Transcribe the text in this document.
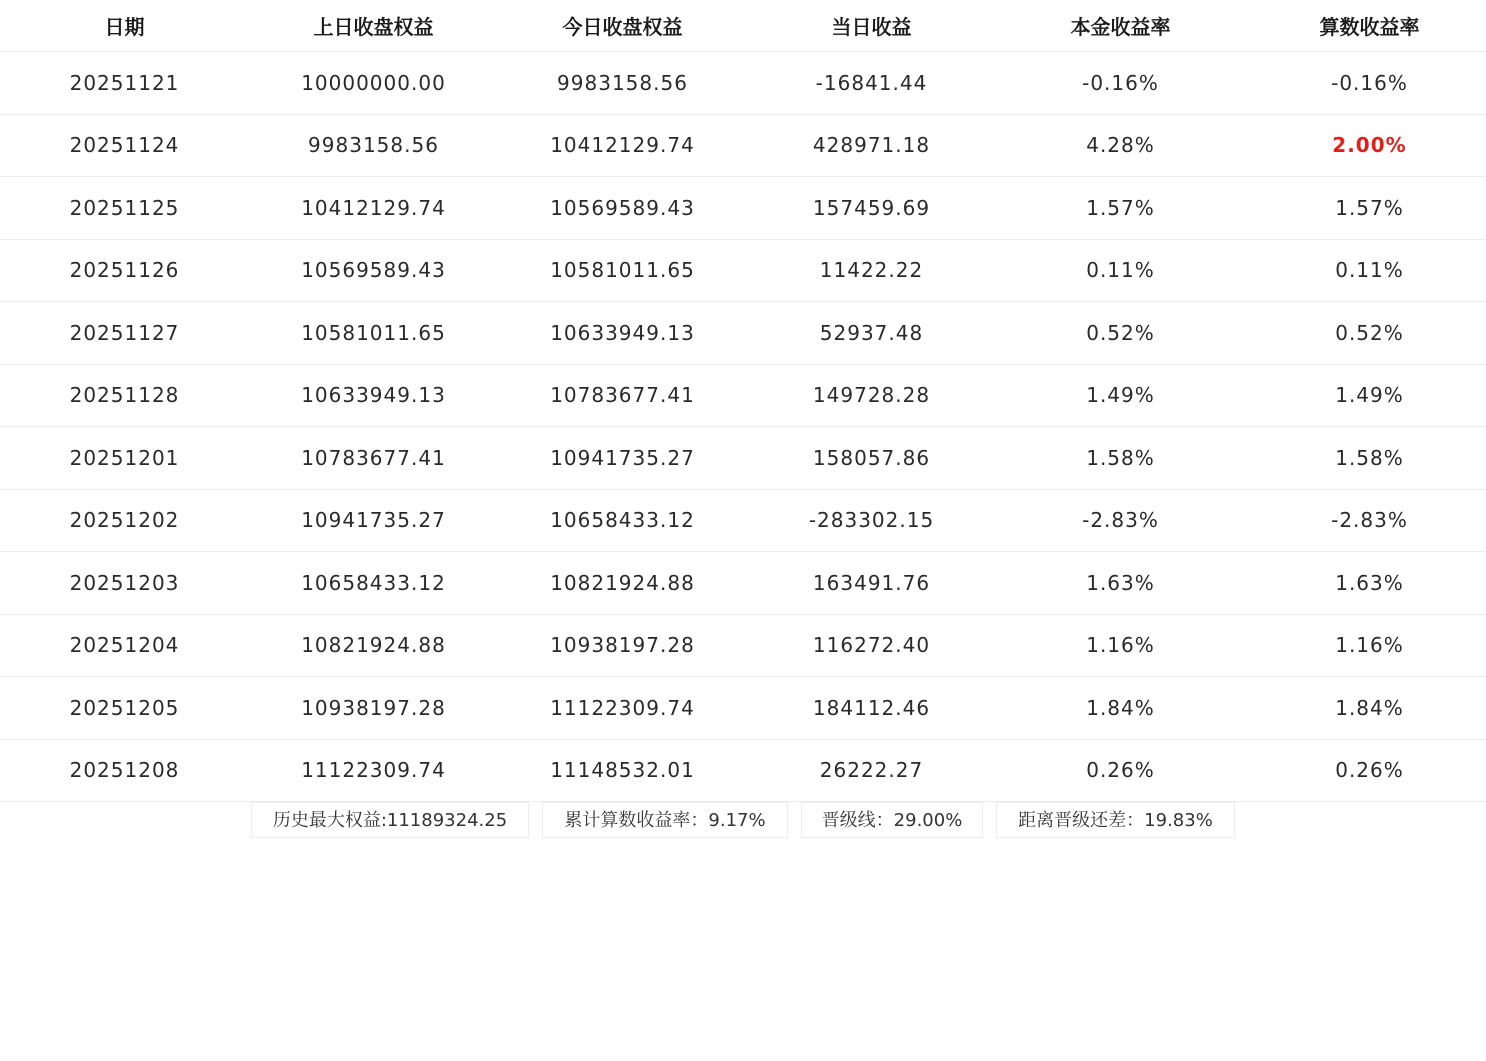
日期	上日收盘权益	今日收盘权益	当日收益	本金收益率	算数收益率
20251121	10000000.00	9983158.56	-16841.44	-0.16%	-0.16%
20251124	9983158.56	10412129.74	428971.18	4.28%	2.00%
20251125	10412129.74	10569589.43	157459.69	1.57%	1.57%
20251126	10569589.43	10581011.65	11422.22	0.11%	0.11%
20251127	10581011.65	10633949.13	52937.48	0.52%	0.52%
20251128	10633949.13	10783677.41	149728.28	1.49%	1.49%
20251201	10783677.41	10941735.27	158057.86	1.58%	1.58%
20251202	10941735.27	10658433.12	-283302.15	-2.83%	-2.83%
20251203	10658433.12	10821924.88	163491.76	1.63%	1.63%
20251204	10821924.88	10938197.28	116272.40	1.16%	1.16%
20251205	10938197.28	11122309.74	184112.46	1.84%	1.84%
20251208	11122309.74	11148532.01	26222.27	0.26%	0.26%
历史最大权益:11189324.25	累计算数收益率：9.17%	晋级线：29.00%	距离晋级还差：19.83%
